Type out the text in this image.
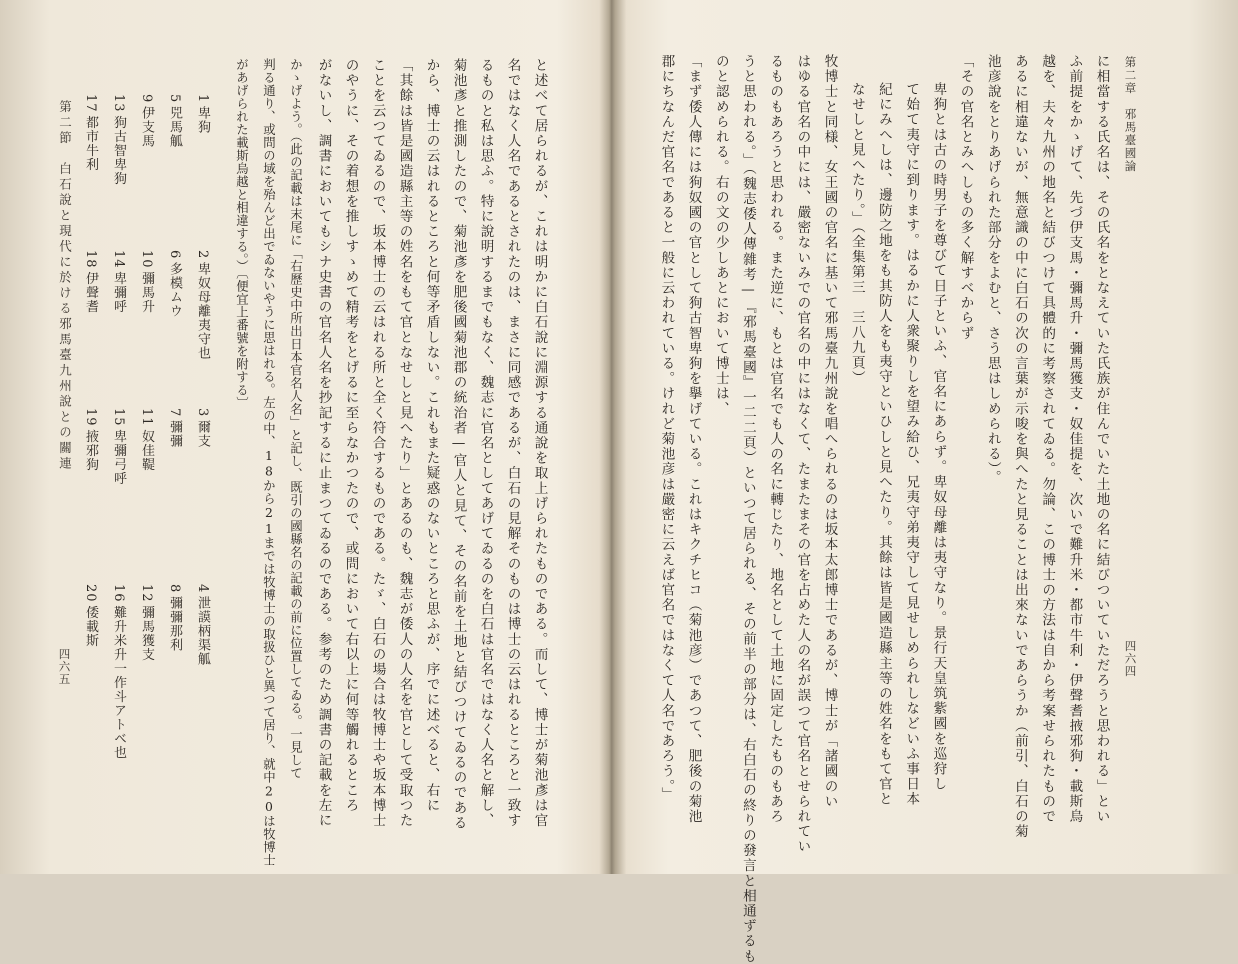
第二章　邪馬臺國論
四六四
に相當する氏名は、その氏名をとなえていた氏族が住んでいた土地の名に結びついていただろうと思われる」とい
ふ前提をかゝげて、先づ伊支馬・彌馬升・彌馬獲支・奴佳提を、次いで難升米・都市牛利・伊聲耆掖邪狗・載斯烏
越を、夫々九州の地名と結びつけて具體的に考察されてゐる。勿論、この博士の方法は自から考案せられたもので
あるに相違ないが、無意識の中に白石の次の言葉が示唆を與へたと見ることは出來ないであらうか（前引、白石の菊
池彦說をとりあげられた部分をよむと、さう思はしめられる）。
「その官名とみへしもの多く解すべからず
卑狗とは古の時男子を尊びて日子といふ、官名にあらず。卑奴母離は夷守なり。景行天皇筑紫國を巡狩し
て始て夷守に到ります。はるかに人衆聚りしを望み給ひ、兄夷守弟夷守して見せしめられしなどいふ事日本
紀にみへしは、邊防之地をも其防人をも夷守といひしと見へたり。其餘は皆是國造縣主等の姓名をもて官と
なせしと見へたり。」（全集第三　三八九頁）
牧博士と同様、女王國の官名に基いて邪馬臺九州說を唱へられるのは坂本太郎博士であるが、博士が「諸國のい
はゆる官名の中には、嚴密ないみでの官名の中にはなくて、たまたまその官を占めた人の名が誤つて官名とせられてい
るものもあろうと思われる。また逆に、もとは官名でも人の名に轉じたり、地名として土地に固定したものもあろ
うと思われる。」（魏志倭人傳雜考—『邪馬臺國』一二二頁）といつて居られる、その前半の部分は、右白石の終りの發言と相通ずるも
のと認められる。右の文の少しあとにおいて博士は、
「まず倭人傳には狗奴國の官として狗古智卑狗を擧げている。これはキクチヒコ（菊池彦）であつて、肥後の菊池
郡にちなんだ官名であると一般に云われている。けれど菊池彦は嚴密に云えば官名ではなくて人名であろう。」
と述べて居られるが、これは明かに白石說に淵源する通說を取上げられたものである。而して、博士が菊池彥は官
名ではなく人名であるとされたのは、まさに同感であるが、白石の見解そのものは博士の云はれるところと一致す
るものと私は思ふ。特に說明するまでもなく、魏志に官名としてあげてゐるのを白石は官名ではなく人名と解し、
菊池彥と推測したので、菊池彥を肥後國菊池郡の統治者—官人と見て、その名前を土地と結びつけてゐるのである
から、博士の云はれるところと何等矛盾しない。これもまた疑惑のないところと思ふが、序でに述べると、右に
「其餘は皆是國造縣主等の姓名をもて官となせしと見へたり」とあるのも、魏志が倭人の人名を官として受取つた
ことを云つてゐるので、坂本博士の云はれる所と全く符合するものである。たゞ、白石の場合は牧博士や坂本博士
のやうに、その着想を推しすゝめて精考をとげるに至らなかつたので、或問において右以上に何等觸れるところ
がないし、調書においてもシナ史書の官名人名を抄記するに止まつてゐるのである。参考のため調書の記載を左に
かゝげよう。（此の記載は末尾に「右歷史中所出日本官名人名」と記し、既引の國縣名の記載の前に位置してゐる。一見して
判る通り、或問の域を殆んど出でゐないやうに思はれる。左の中、18から21までは牧博士の取扱ひと異つて居り、就中20は牧博士
があげられた載斯烏越と相違する。）〔便宜上番號を附する〕
1卑狗
2卑奴母離夷守也
3爾支
4泄謨柄渠觚
5兕馬觚
6多模ムウ
7彌彌
8彌彌那利
9伊支馬
10彌馬升
11奴佳鞮
12彌馬獲支
13狗古智卑狗
14卑彌呼
15卑彌弓呼
16難升米升一作斗アトベ也
17都市牛利
18伊聲耆
19掖邪狗
20倭載斯
第二節　白石說と現代に於ける邪馬臺九州說との關連
四六五
